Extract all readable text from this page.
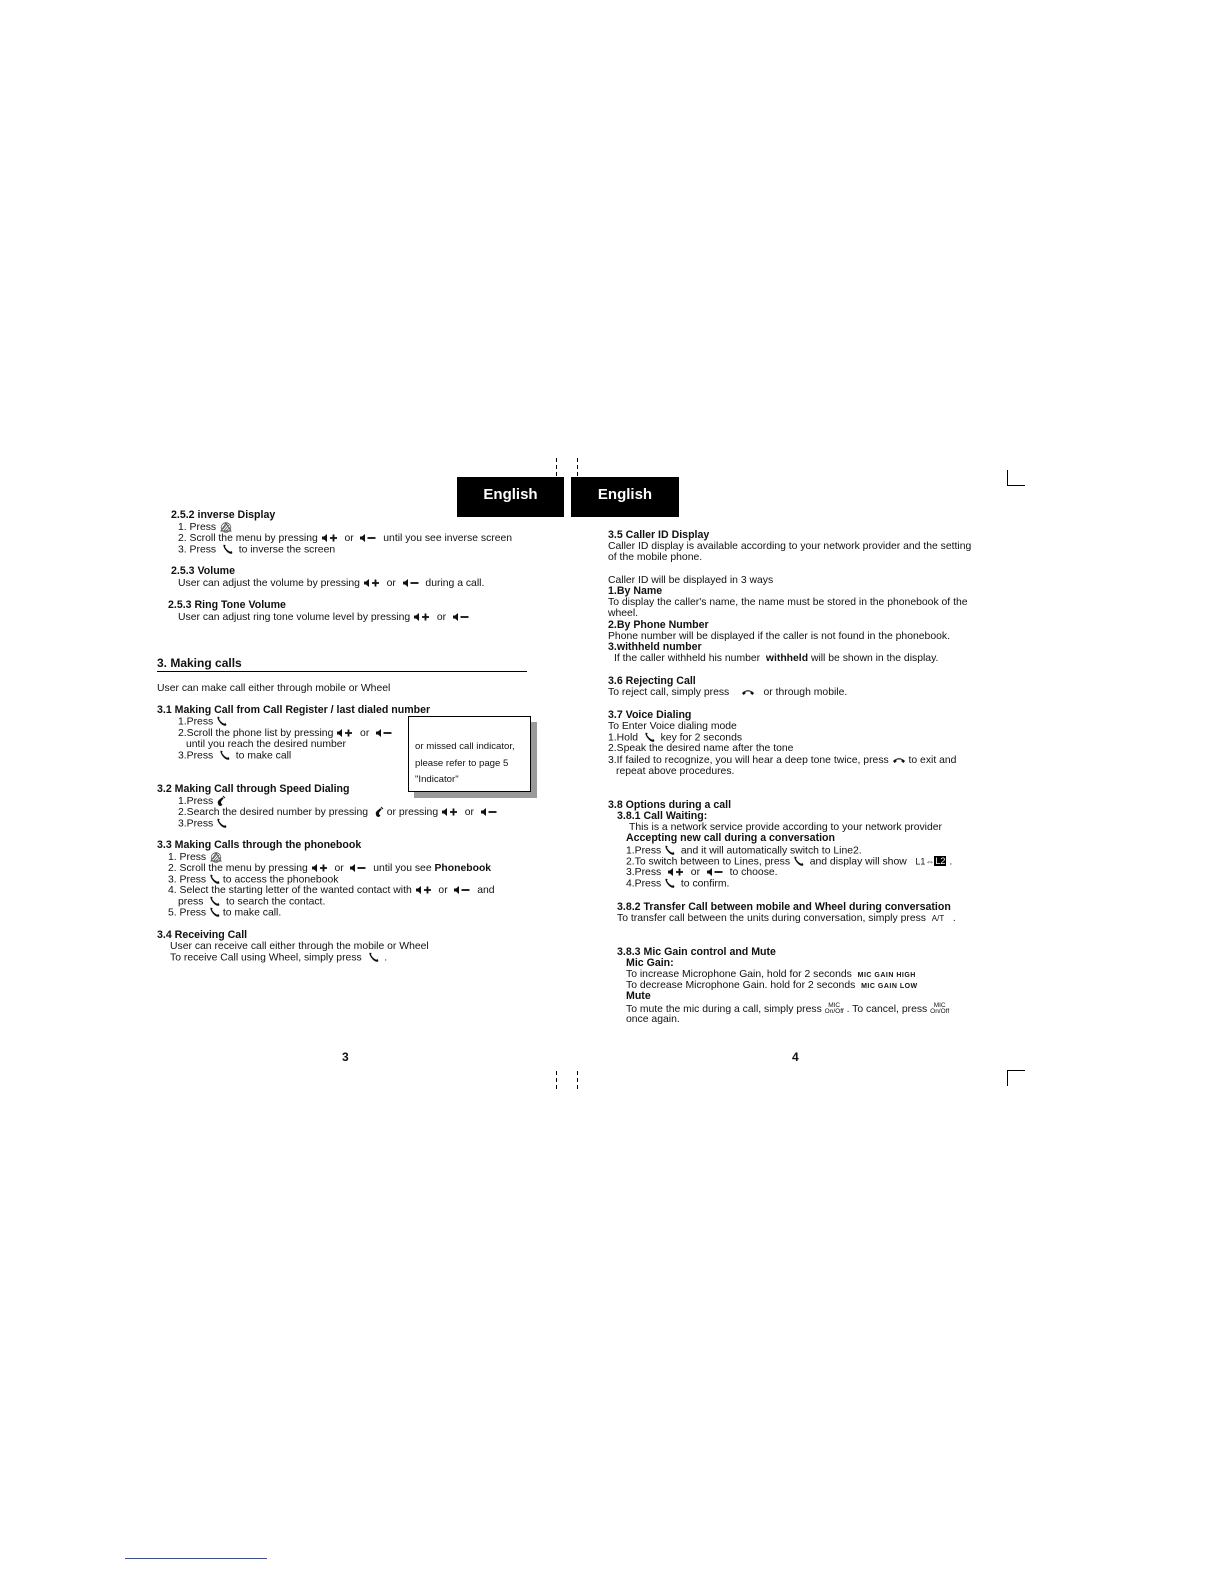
English	English
2.5.2 inverse Display
1. Press
2. Scroll the menu by pressing	or	until you see inverse screen
3. Press to inverse the screen
2.5.3 Volume
User can adjust the volume by pressing	or	during a call.
2.5.3 Ring Tone Volume
User can adjust ring tone volume level by pressing	or
3. Making calls
User can make call either through mobile or Wheel
3.1 Making Call from Call Register / last dialed number
1.Press
2.Scroll the phone list by pressing	or
until you reach the desired number
3.Press to make call
or missed call indicator,
please refer to page 5
"Indicator"
3.2 Making Call through Speed Dialing
1.Press
2.Search the desired number by pressing or pressing	or
3.Press
3.3 Making Calls through the phonebook
1. Press
2. Scroll the menu by pressing	or	until you see Phonebook
3. Press to access the phonebook
4. Select the starting letter of the wanted contact with	or	and
press to search the contact.
5. Press to make call.
3.4 Receiving Call
User can receive call either through the mobile or Wheel
To receive Call using Wheel, simply press .
3
3.5 Caller ID Display
Caller ID display is available according to your network provider and the setting
of the mobile phone.
Caller ID will be displayed in 3 ways
1.By Name
To display the caller's name, the name must be stored in the phonebook of the
wheel.
2.By Phone Number
Phone number will be displayed if the caller is not found in the phonebook.
3.withheld number
If the caller withheld his number withheld will be shown in the display.
3.6 Rejecting Call
To reject call, simply press	or through mobile.
3.7 Voice Dialing
To Enter Voice dialing mode
1.Hold key for 2 seconds
2.Speak the desired name after the tone
3.If failed to recognize, you will hear a deep tone twice, press to exit and
repeat above procedures.
3.8 Options during a call
3.8.1 Call Waiting:
This is a network service provide according to your network provider
Accepting new call during a conversation
1.Press and it will automatically switch to Line2.
2.To switch between to Lines, press and display will show L1⇔L2 .
3.Press	or	to choose.
4.Press to confirm.
3.8.2 Transfer Call between mobile and Wheel during conversation
To transfer call between the units during conversation, simply press A/T .
3.8.3 Mic Gain control and Mute
Mic Gain:
To increase Microphone Gain, hold for 2 seconds MIC GAIN HIGH
To decrease Microphone Gain. hold for 2 seconds MIC GAIN LOW
Mute
To mute the mic during a call, simply press MIC
On/Off . To cancel, press MIC
On/Off
once again.
4
